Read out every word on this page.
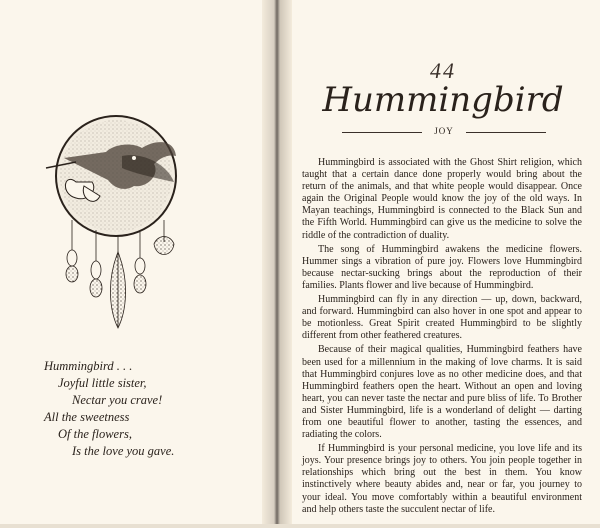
Hummingbird . . .
Joyful little sister,
Nectar you crave!
All the sweetness
Of the flowers,
Is the love you gave.
44
Hummingbird
JOY

Hummingbird is associated with the Ghost Shirt religion, which taught that a certain dance done properly would bring about the return of the animals, and that white people would disappear. Once again the Original People would know the joy of the old ways. In Mayan teachings, Hummingbird is connected to the Black Sun and the Fifth World. Hummingbird can give us the medicine to solve the riddle of the contradiction of duality.

The song of Hummingbird awakens the medicine flowers. Hummer sings a vibration of pure joy. Flowers love Hummingbird because nectar-sucking brings about the reproduction of their families. Plants flower and live because of Hummingbird.

Hummingbird can fly in any direction — up, down, backward, and forward. Hummingbird can also hover in one spot and appear to be motionless. Great Spirit created Hummingbird to be slightly different from other feathered creatures.

Because of their magical qualities, Hummingbird feathers have been used for a millennium in the making of love charms. It is said that Hummingbird conjures love as no other medicine does, and that Hummingbird feathers open the heart. Without an open and loving heart, you can never taste the nectar and pure bliss of life. To Brother and Sister Hummingbird, life is a wonderland of delight — darting from one beautiful flower to another, tasting the essences, and radiating the colors.

If Hummingbird is your personal medicine, you love life and its joys. Your presence brings joy to others. You join people together in relationships which bring out the best in them. You know instinctively where beauty abides and, near or far, you journey to your ideal. You move comfortably within a beautiful environment and help others taste the succulent nectar of life.
